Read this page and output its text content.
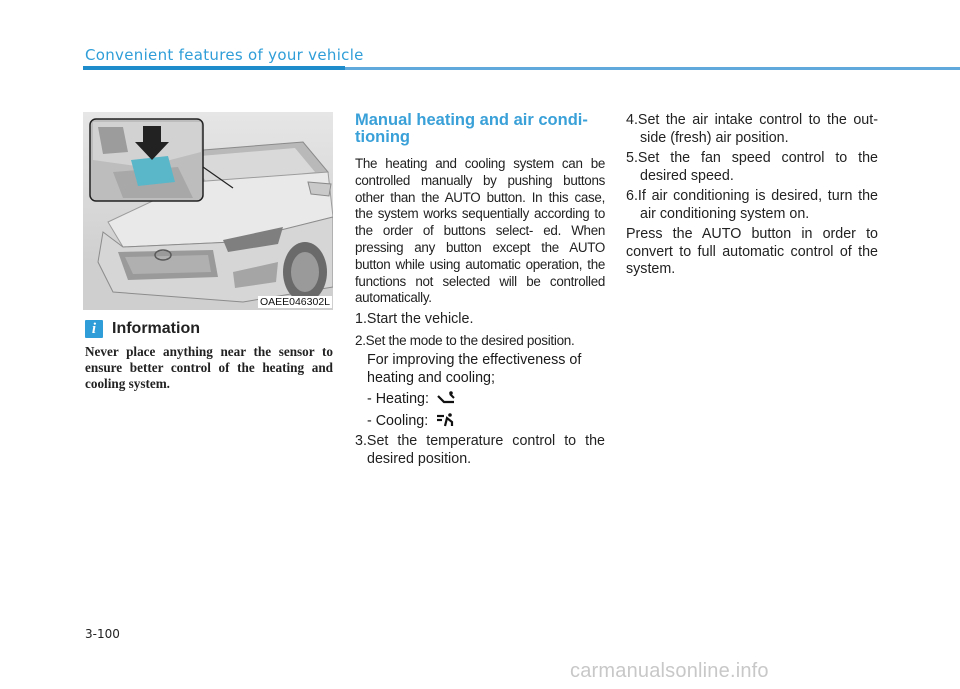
Convenient features of your vehicle
OAEE046302L
i Information
Never place anything near the sensor to ensure better control of the heating and cooling system.
Manual heating and air condi-
tioning

The heating and cooling system can be controlled manually by pushing buttons other than the AUTO button. In this case, the system works sequentially according to the order of buttons select- ed. When pressing any button except the AUTO button while using automatic operation, the functions not selected will be controlled automatically.

1.Start the vehicle.

2.Set the mode to the desired position.

For improving the effectiveness of heating and cooling;

- Heating:

- Cooling:

3.Set the temperature control to the desired position.

4.Set the air intake control to the out- side (fresh) air position.

5.Set the fan speed control to the desired speed.

6.If air conditioning is desired, turn the air conditioning system on.

Press the AUTO button in order to convert to full automatic control of the system.

3-100
carmanualsonline.info
